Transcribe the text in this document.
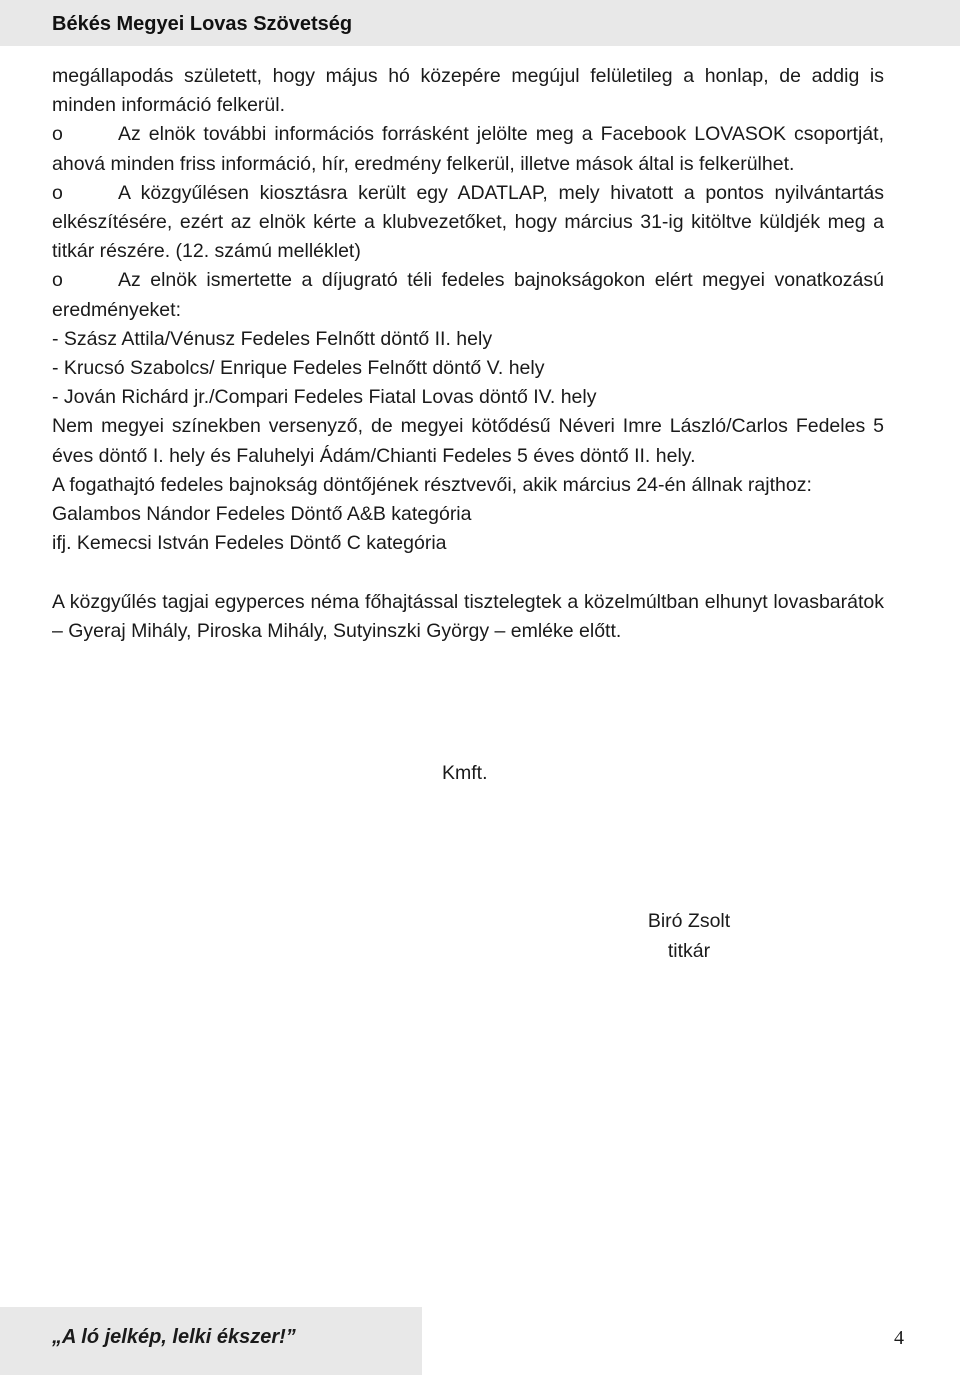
Békés Megyei Lovas Szövetség

megállapodás született, hogy május hó közepére megújul felületileg a honlap, de addig is minden információ felkerül.

o	Az elnök további információs forrásként jelölte meg a Facebook LOVASOK csoportját, ahová minden friss információ, hír, eredmény felkerül, illetve mások által is felkerülhet.

o	A közgyűlésen kiosztásra került egy ADATLAP, mely hivatott a pontos nyilvántartás elkészítésére, ezért az elnök kérte a klubvezetőket, hogy március 31-ig kitöltve küldjék meg a titkár részére. (12. számú melléklet)

o	Az elnök ismertette a díjugrató téli fedeles bajnokságokon elért megyei vonatkozású eredményeket:

- Szász Attila/Vénusz Fedeles Felnőtt döntő II. hely

- Krucsó Szabolcs/ Enrique Fedeles Felnőtt döntő V. hely

- Jován Richárd jr./Compari Fedeles Fiatal Lovas döntő IV. hely

Nem megyei színekben versenyző, de megyei kötődésű Néveri Imre László/Carlos Fedeles 5 éves döntő I. hely és Faluhelyi Ádám/Chianti Fedeles 5 éves döntő II. hely.

A fogathajtó fedeles bajnokság döntőjének résztvevői, akik március 24-én állnak rajthoz:

Galambos Nándor Fedeles Döntő A&B kategória

ifj. Kemecsi István Fedeles Döntő C kategória

A közgyűlés tagjai egyperces néma főhajtással tisztelegtek a közelmúltban elhunyt lovasbarátok – Gyeraj Mihály, Piroska Mihály, Sutyinszki György – emléke előtt.

Kmft.
Biró Zsolt
titkár
„A ló jelkép, lelki ékszer!”	4
